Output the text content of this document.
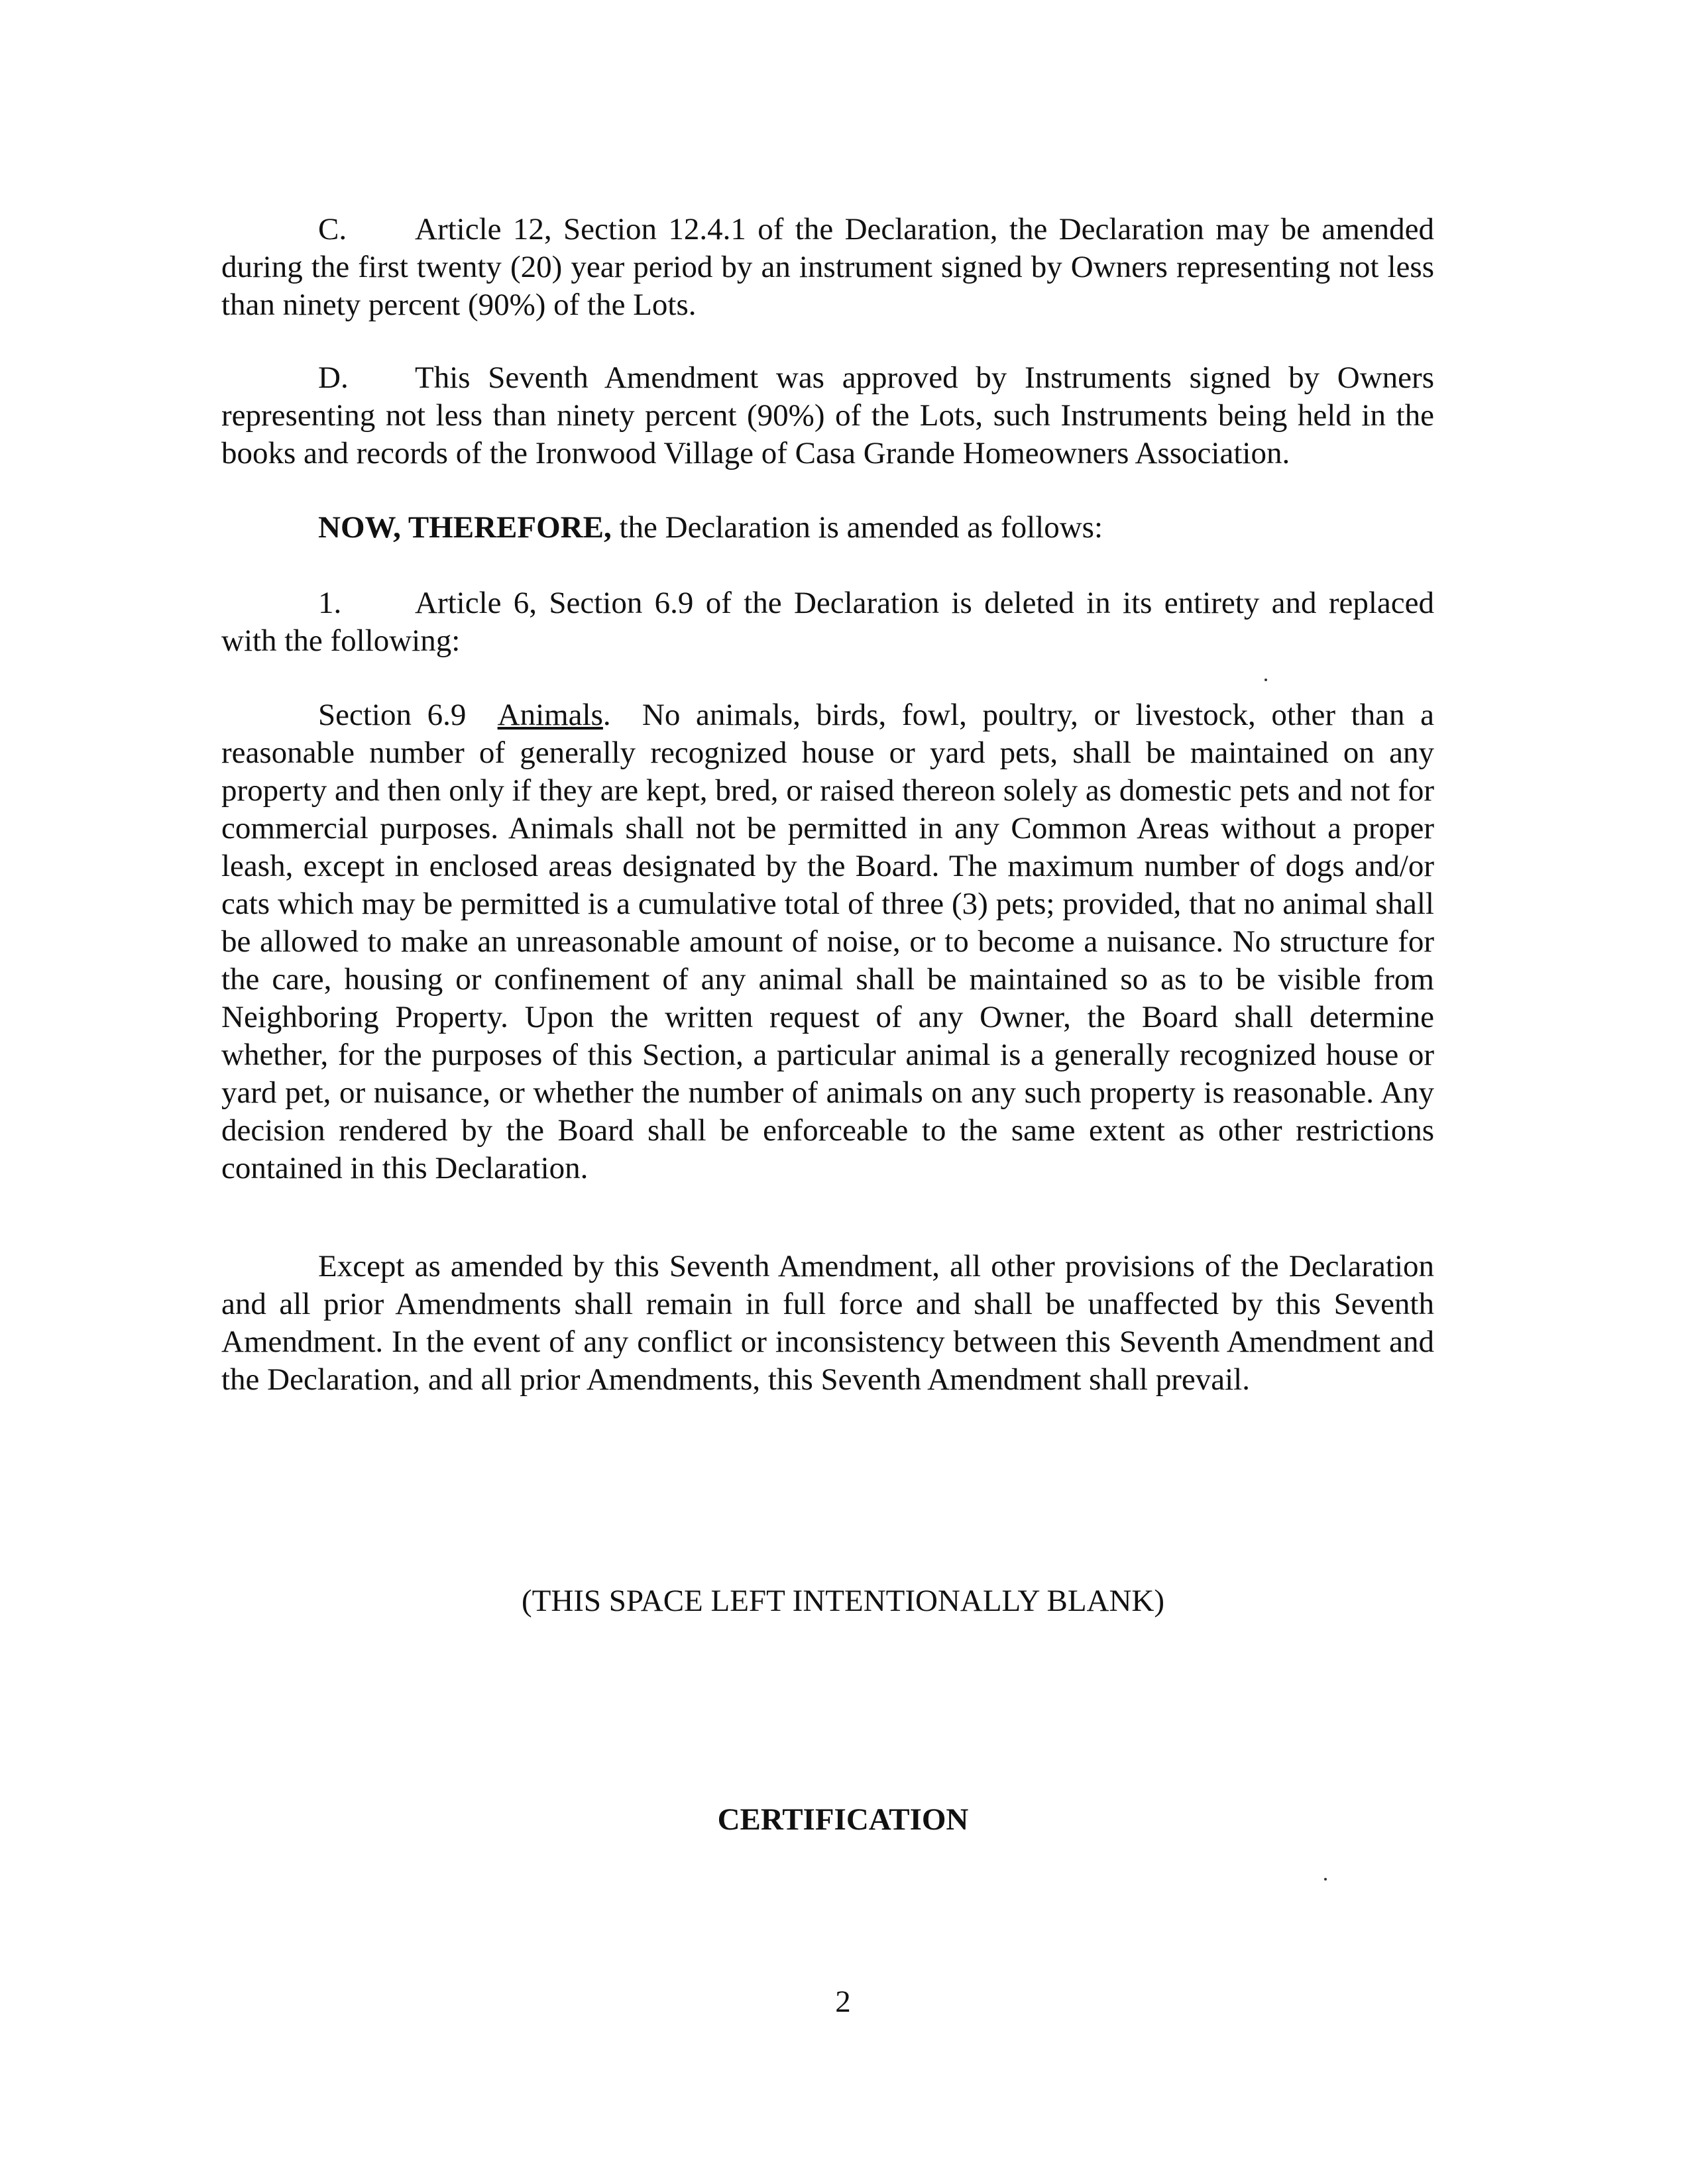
C. Article 12, Section 12.4.1 of the Declaration, the Declaration may be amended during the first twenty (20) year period by an instrument signed by Owners representing not less than ninety percent (90%) of the Lots.

D. This Seventh Amendment was approved by Instruments signed by Owners representing not less than ninety percent (90%) of the Lots, such Instruments being held in the books and records of the Ironwood Village of Casa Grande Homeowners Association.

NOW, THEREFORE, the Declaration is amended as follows:

1. Article 6, Section 6.9 of the Declaration is deleted in its entirety and replaced with the following:

Section 6.9 Animals. No animals, birds, fowl, poultry, or livestock, other than a reasonable number of generally recognized house or yard pets, shall be maintained on any property and then only if they are kept, bred, or raised thereon solely as domestic pets and not for commercial purposes. Animals shall not be permitted in any Common Areas without a proper leash, except in enclosed areas designated by the Board. The maximum number of dogs and/or cats which may be permitted is a cumulative total of three (3) pets; provided, that no animal shall be allowed to make an unreasonable amount of noise, or to become a nuisance. No structure for the care, housing or confinement of any animal shall be maintained so as to be visible from Neighboring Property. Upon the written request of any Owner, the Board shall determine whether, for the purposes of this Section, a particular animal is a generally recognized house or yard pet, or nuisance, or whether the number of animals on any such property is reasonable. Any decision rendered by the Board shall be enforceable to the same extent as other restrictions contained in this Declaration.

Except as amended by this Seventh Amendment, all other provisions of the Declaration and all prior Amendments shall remain in full force and shall be unaffected by this Seventh Amendment. In the event of any conflict or inconsistency between this Seventh Amendment and the Declaration, and all prior Amendments, this Seventh Amendment shall prevail.

(THIS SPACE LEFT INTENTIONALLY BLANK)

CERTIFICATION

2
